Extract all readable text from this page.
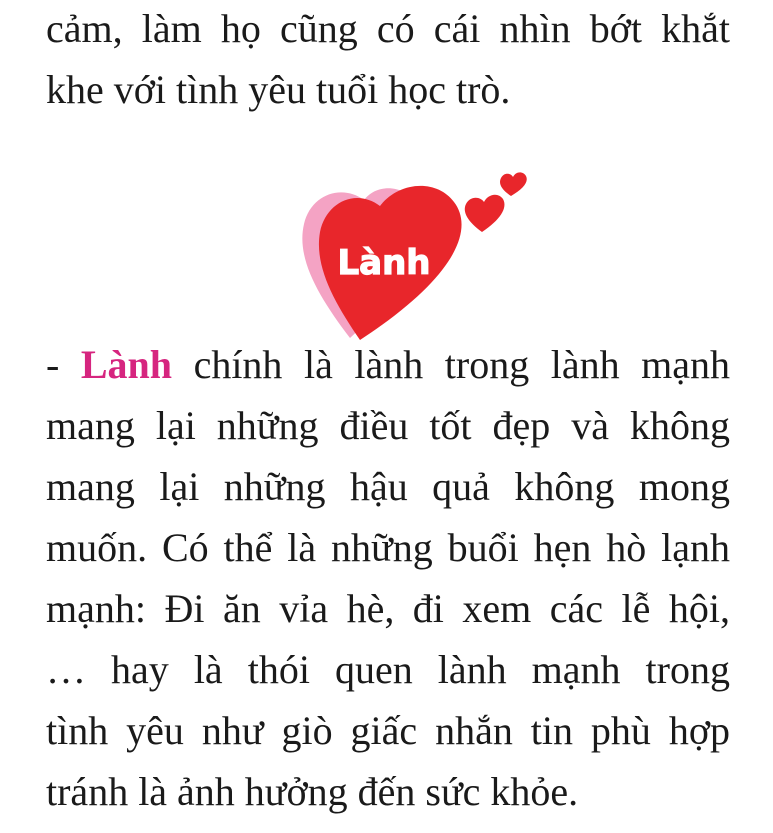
cảm, làm họ cũng có cái nhìn bớt khắt
khe với tình yêu tuổi học trò.
Lành
- Lành chính là lành trong lành mạnh
mang lại những điều tốt đẹp và không
mang lại những hậu quả không mong
muốn. Có thể là những buổi hẹn hò lạnh
mạnh: Đi ăn vỉa hè, đi xem các lễ hội,
… hay là thói quen lành mạnh trong
tình yêu như giò giấc nhắn tin phù hợp
tránh là ảnh hưởng đến sức khỏe.
